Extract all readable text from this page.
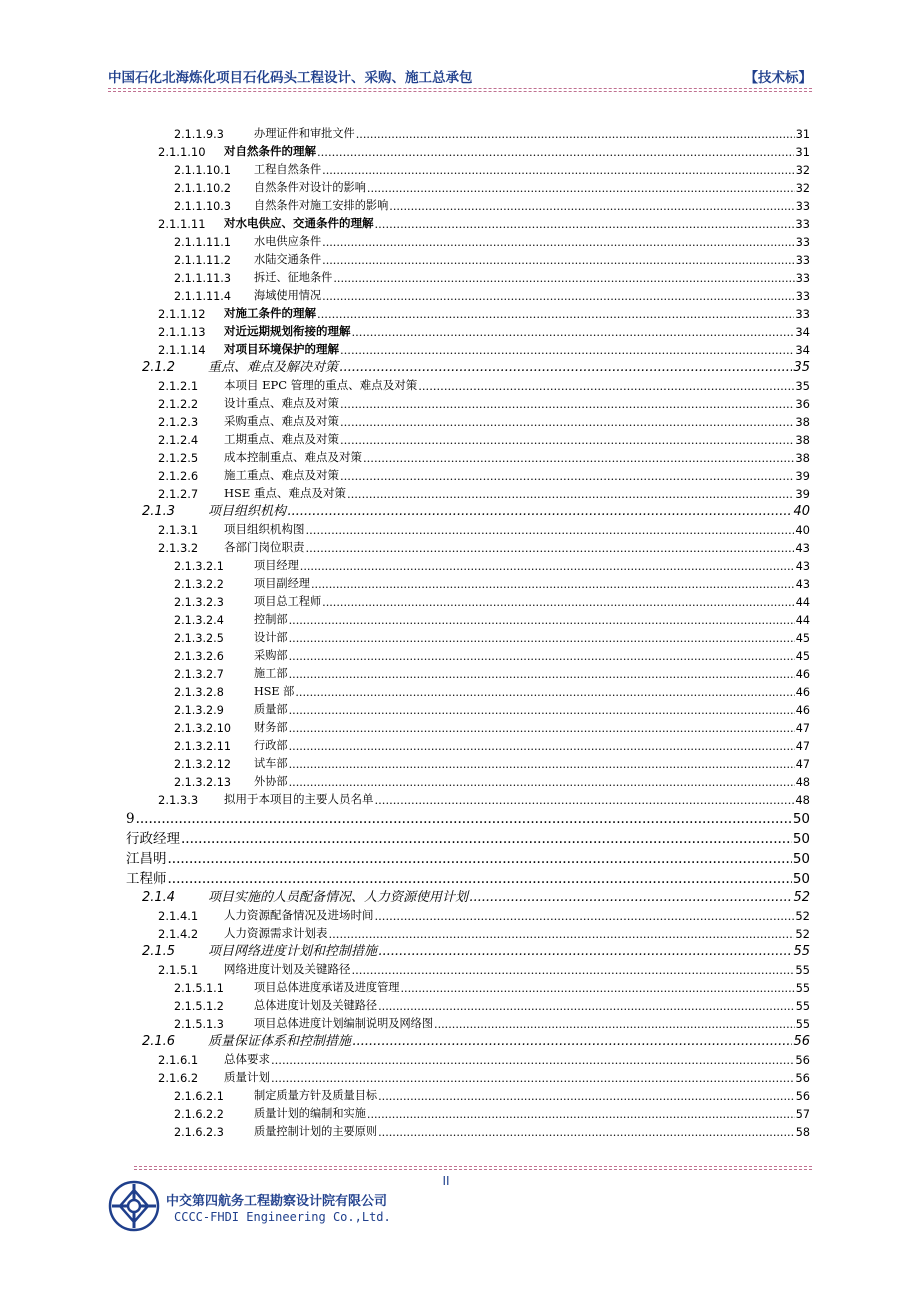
中国石化北海炼化项目石化码头工程设计、采购、施工总承包	【技术标】
2.1.1.9.3	办理证件和审批文件 .....	31
2.1.1.10	对自然条件的理解 .....	31
2.1.1.10.1	工程自然条件 .....	32
2.1.1.10.2	自然条件对设计的影响 .....	32
2.1.1.10.3	自然条件对施工安排的影响 .....	33
2.1.1.11	对水电供应、交通条件的理解 .....	33
2.1.1.11.1	水电供应条件 .....	33
2.1.1.11.2	水陆交通条件 .....	33
2.1.1.11.3	拆迁、征地条件 .....	33
2.1.1.11.4	海域使用情况 .....	33
2.1.1.12	对施工条件的理解 .....	33
2.1.1.13	对近远期规划衔接的理解 .....	34
2.1.1.14	对项目环境保护的理解 .....	34
2.1.2	重点、难点及解决对策 .....	35
2.1.2.1	本项目 EPC 管理的重点、难点及对策 .....	35
2.1.2.2	设计重点、难点及对策 .....	36
2.1.2.3	采购重点、难点及对策 .....	38
2.1.2.4	工期重点、难点及对策 .....	38
2.1.2.5	成本控制重点、难点及对策 .....	38
2.1.2.6	施工重点、难点及对策 .....	39
2.1.2.7	HSE 重点、难点及对策 .....	39
2.1.3	项目组织机构 .....	40
2.1.3.1	项目组织机构图 .....	40
2.1.3.2	各部门岗位职责 .....	43
2.1.3.2.1	项目经理 .....	43
2.1.3.2.2	项目副经理 .....	43
2.1.3.2.3	项目总工程师 .....	44
2.1.3.2.4	控制部 .....	44
2.1.3.2.5	设计部 .....	45
2.1.3.2.6	采购部 .....	45
2.1.3.2.7	施工部 .....	46
2.1.3.2.8	HSE 部 .....	46
2.1.3.2.9	质量部 .....	46
2.1.3.2.10	财务部 .....	47
2.1.3.2.11	行政部 .....	47
2.1.3.2.12	试车部 .....	47
2.1.3.2.13	外协部 .....	48
2.1.3.3	拟用于本项目的主要人员名单 .....	48
9 .....	50
行政经理 .....	50
江昌明 .....	50
工程师 .....	50
2.1.4	项目实施的人员配备情况、人力资源使用计划 .....	52
2.1.4.1	人力资源配备情况及进场时间 .....	52
2.1.4.2	人力资源需求计划表 .....	52
2.1.5	项目网络进度计划和控制措施 .....	55
2.1.5.1	网络进度计划及关键路径 .....	55
2.1.5.1.1	项目总体进度承诺及进度管理 .....	55
2.1.5.1.2	总体进度计划及关键路径 .....	55
2.1.5.1.3	项目总体进度计划编制说明及网络图 .....	55
2.1.6	质量保证体系和控制措施 .....	56
2.1.6.1	总体要求 .....	56
2.1.6.2	质量计划 .....	56
2.1.6.2.1	制定质量方针及质量目标 .....	56
2.1.6.2.2	质量计划的编制和实施 .....	57
2.1.6.2.3	质量控制计划的主要原则 .....	58
II
中交第四航务工程勘察设计院有限公司
CCCC-FHDI Engineering Co.,Ltd.
